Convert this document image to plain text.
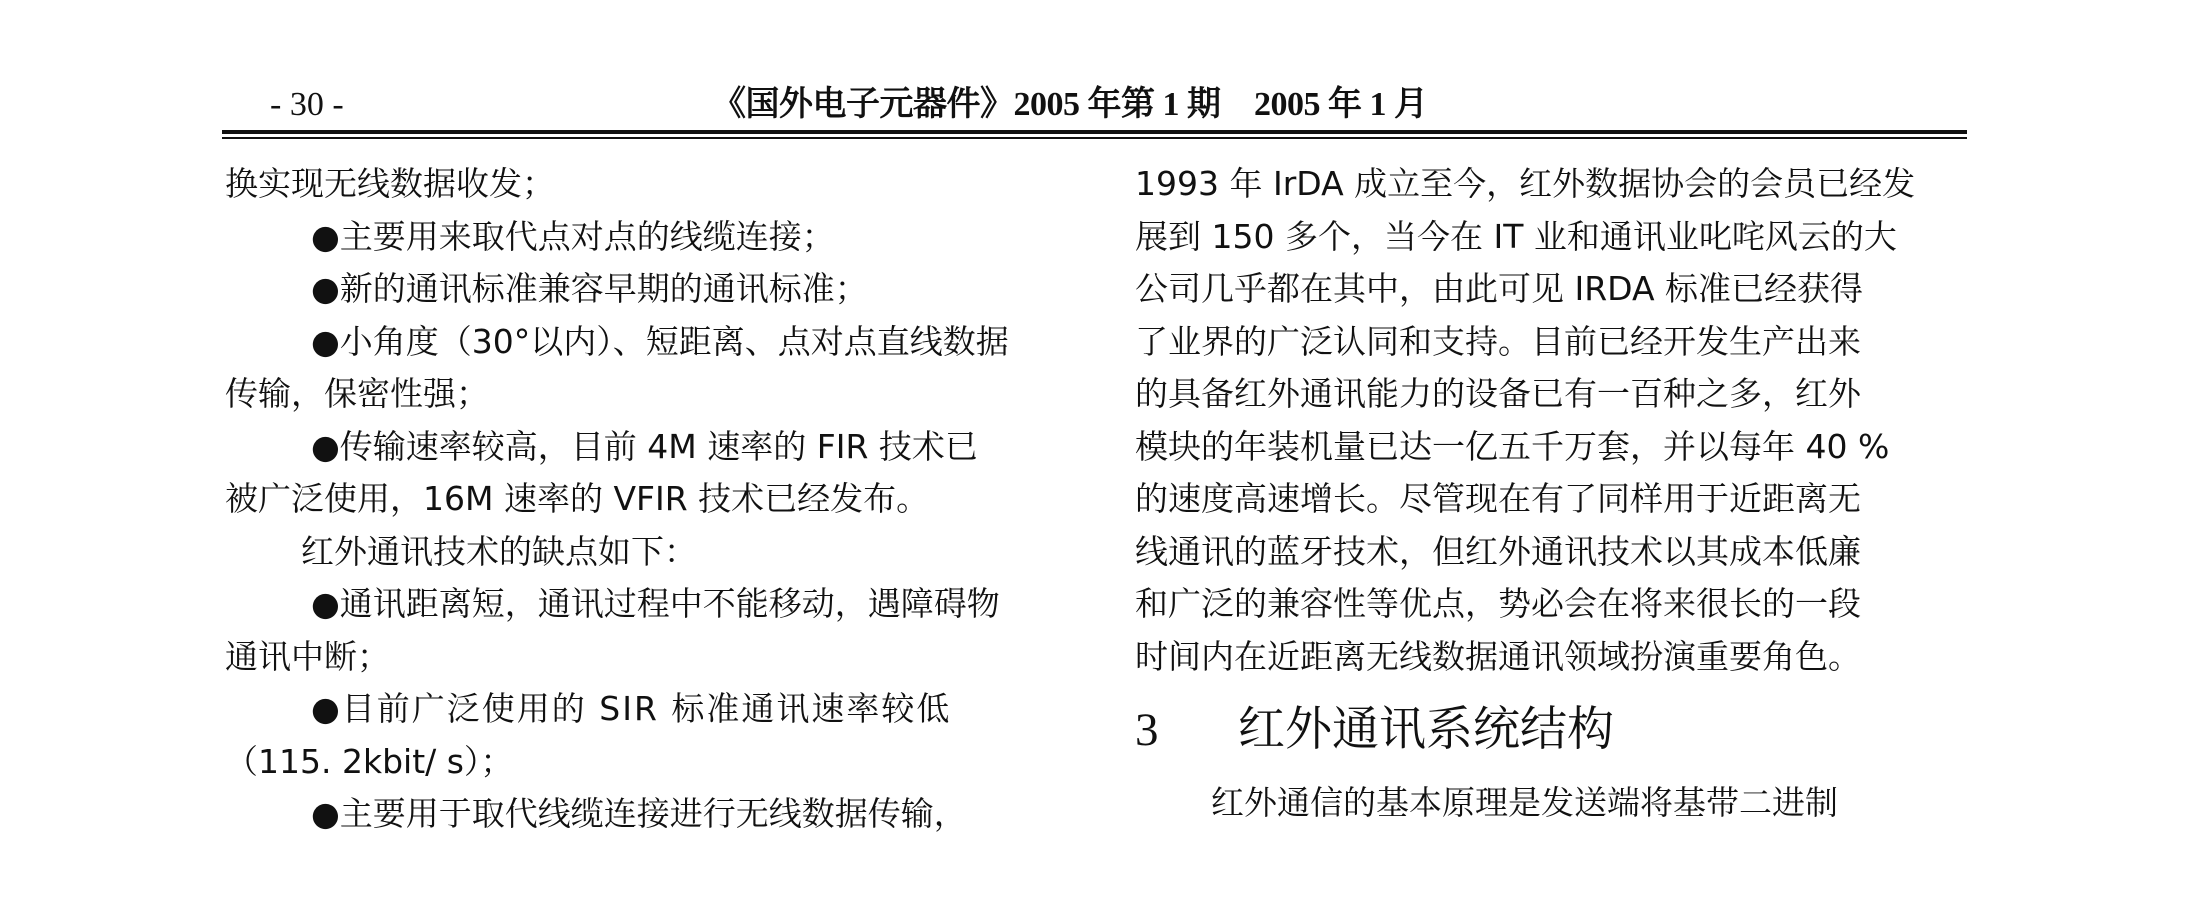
- 30 -	《国外电子元器件》2005 年第 1 期　2005 年 1 月
换实现无线数据收发；
●主要用来取代点对点的线缆连接；
●新的通讯标准兼容早期的通讯标准；
●小角度（30°以内）、短距离、点对点直线数据
传输，保密性强；
●传输速率较高，目前 4M 速率的 FIR 技术已
被广泛使用，16M 速率的 VFIR 技术已经发布。
红外通讯技术的缺点如下：
●通讯距离短，通讯过程中不能移动，遇障碍物
通讯中断；
●目前广泛使用的 SIR 标准通讯速率较低
（115. 2kbit/ s）；
●主要用于取代线缆连接进行无线数据传输，
1993 年 IrDA 成立至今，红外数据协会的会员已经发
展到 150 多个，当今在 IT 业和通讯业叱咤风云的大
公司几乎都在其中，由此可见 IRDA 标准已经获得
了业界的广泛认同和支持。目前已经开发生产出来
的具备红外通讯能力的设备已有一百种之多，红外
模块的年装机量已达一亿五千万套，并以每年 40 %
的速度高速增长。尽管现在有了同样用于近距离无
线通讯的蓝牙技术，但红外通讯技术以其成本低廉
和广泛的兼容性等优点，势必会在将来很长的一段
时间内在近距离无线数据通讯领域扮演重要角色。
3 红外通讯系统结构
红外通信的基本原理是发送端将基带二进制
